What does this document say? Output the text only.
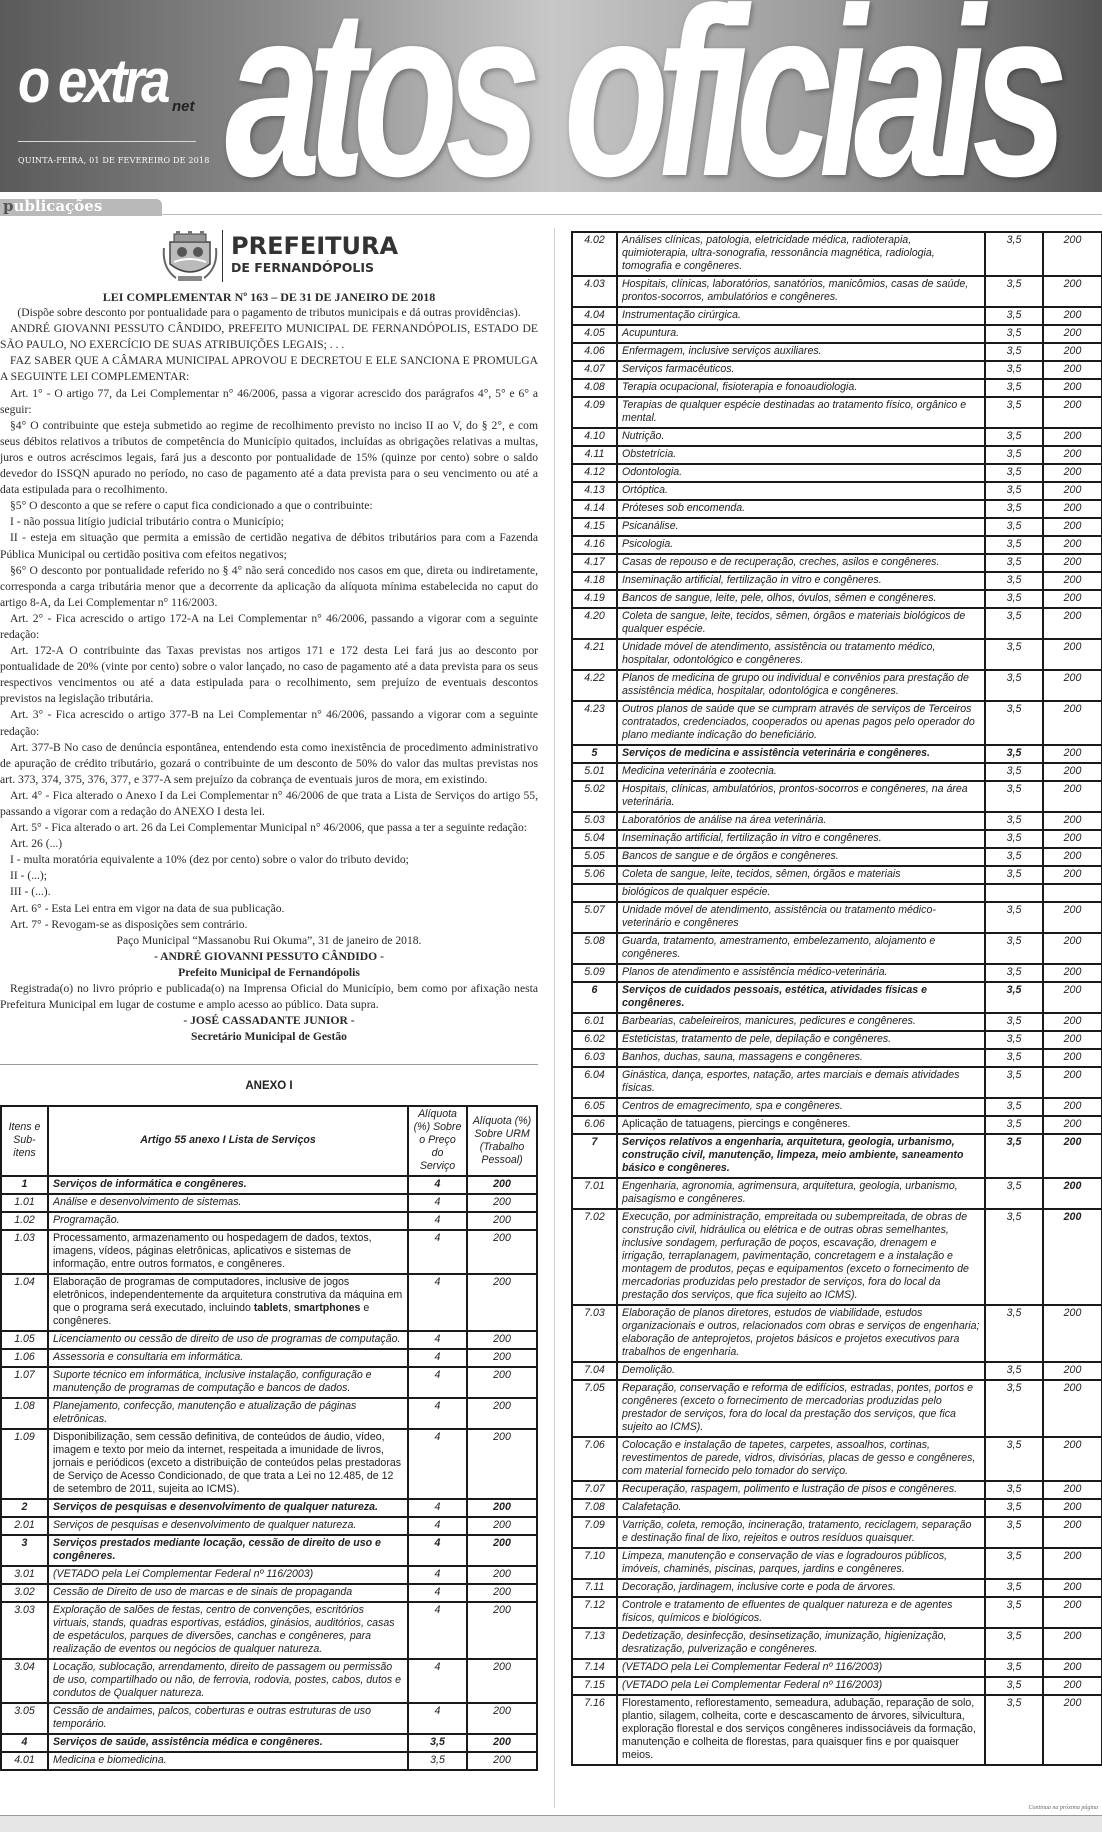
o extra net
QUINTA-FEIRA, 01 DE FEVEREIRO DE 2018 atos oficiais
publicações
PREFEITURA
DE FERNANDÓPOLIS

LEI COMPLEMENTAR Nº 163 – DE 31 DE JANEIRO DE 2018

(Dispõe sobre desconto por pontualidade para o pagamento de tributos municipais e dá outras providências).

ANDRÉ GIOVANNI PESSUTO CÂNDIDO, PREFEITO MUNICIPAL DE FERNANDÓPOLIS, ESTADO DE SÃO PAULO, NO EXERCÍCIO DE SUAS ATRIBUIÇÕES LEGAIS; . . .

FAZ SABER QUE A CÂMARA MUNICIPAL APROVOU E DECRETOU E ELE SANCIONA E PROMULGA A SEGUINTE LEI COMPLEMENTAR:

Art. 1° - O artigo 77, da Lei Complementar n° 46/2006, passa a vigorar acrescido dos parágrafos 4°, 5° e 6° a seguir:

§4° O contribuinte que esteja submetido ao regime de recolhimento previsto no inciso II ao V, do § 2°, e com seus débitos relativos a tributos de competência do Município quitados, incluídas as obrigações relativas a multas, juros e outros acréscimos legais, fará jus a desconto por pontualidade de 15% (quinze por cento) sobre o saldo devedor do ISSQN apurado no período, no caso de pagamento até a data prevista para o seu vencimento ou até a data estipulada para o recolhimento.

§5° O desconto a que se refere o caput fica condicionado a que o contribuinte:

I - não possua litígio judicial tributário contra o Município;

II - esteja em situação que permita a emissão de certidão negativa de débitos tributários para com a Fazenda Pública Municipal ou certidão positiva com efeitos negativos;

§6° O desconto por pontualidade referido no § 4° não será concedido nos casos em que, direta ou indiretamente, corresponda a carga tributária menor que a decorrente da aplicação da alíquota mínima estabelecida no caput do artigo 8-A, da Lei Complementar n° 116/2003.

Art. 2° - Fica acrescido o artigo 172-A na Lei Complementar n° 46/2006, passando a vigorar com a seguinte redação:

Art. 172-A O contribuinte das Taxas previstas nos artigos 171 e 172 desta Lei fará jus ao desconto por pontualidade de 20% (vinte por cento) sobre o valor lançado, no caso de pagamento até a data prevista para os seus respectivos vencimentos ou até a data estipulada para o recolhimento, sem prejuízo de eventuais descontos previstos na legislação tributária.

Art. 3° - Fica acrescido o artigo 377-B na Lei Complementar n° 46/2006, passando a vigorar com a seguinte redação:

Art. 377-B No caso de denúncia espontânea, entendendo esta como inexistência de procedimento administrativo de apuração de crédito tributário, gozará o contribuinte de um desconto de 50% do valor das multas previstas nos art. 373, 374, 375, 376, 377, e 377-A sem prejuízo da cobrança de eventuais juros de mora, em existindo.

Art. 4° - Fica alterado o Anexo I da Lei Complementar n° 46/2006 de que trata a Lista de Serviços do artigo 55, passando a vigorar com a redação do ANEXO I desta lei.

Art. 5° - Fica alterado o art. 26 da Lei Complementar Municipal n° 46/2006, que passa a ter a seguinte redação:

Art. 26 (...)

I - multa moratória equivalente a 10% (dez por cento) sobre o valor do tributo devido;

II - (...);

III - (...).

Art. 6° - Esta Lei entra em vigor na data de sua publicação.

Art. 7° - Revogam-se as disposições sem contrário.

Paço Municipal “Massanobu Rui Okuma”, 31 de janeiro de 2018.

- ANDRÉ GIOVANNI PESSUTO CÂNDIDO -

Prefeito Municipal de Fernandópolis

Registrada(o) no livro próprio e publicada(o) na Imprensa Oficial do Município, bem como por afixação nesta Prefeitura Municipal em lugar de costume e amplo acesso ao público. Data supra.

- JOSÉ CASSADANTE JUNIOR -

Secretário Municipal de Gestão

ANEXO I
Itens e Sub-itens	Artigo 55 anexo I Lista de Serviços	Alíquota (%) Sobre o Preço do Serviço	Alíquota (%) Sobre URM (Trabalho Pessoal)
1	Serviços de informática e congêneres.	4	200
1.01	Análise e desenvolvimento de sistemas.	4	200
1.02	Programação.	4	200
1.03	Processamento, armazenamento ou hospedagem de dados, textos, imagens, vídeos, páginas eletrônicas, aplicativos e sistemas de informação, entre outros formatos, e congêneres.	4	200
1.04	Elaboração de programas de computadores, inclusive de jogos eletrônicos, independentemente da arquitetura construtiva da máquina em que o programa será executado, incluindo tablets, smartphones e congêneres.	4	200
1.05	Licenciamento ou cessão de direito de uso de programas de computação.	4	200
1.06	Assessoria e consultaria em informática.	4	200
1.07	Suporte técnico em informática, inclusive instalação, configuração e manutenção de programas de computação e bancos de dados.	4	200
1.08	Planejamento, confecção, manutenção e atualização de páginas eletrônicas.	4	200
1.09	Disponibilização, sem cessão definitiva, de conteúdos de áudio, vídeo, imagem e texto por meio da internet, respeitada a imunidade de livros, jornais e periódicos (exceto a distribuição de conteúdos pelas prestadoras de Serviço de Acesso Condicionado, de que trata a Lei no 12.485, de 12 de setembro de 2011, sujeita ao ICMS).	4	200
2	Serviços de pesquisas e desenvolvimento de qualquer natureza.	4	200
2.01	Serviços de pesquisas e desenvolvimento de qualquer natureza.	4	200
3	Serviços prestados mediante locação, cessão de direito de uso e congêneres.	4	200
3.01	(VETADO pela Lei Complementar Federal nº 116/2003)	4	200
3.02	Cessão de Direito de uso de marcas e de sinais de propaganda	4	200
3.03	Exploração de salões de festas, centro de convenções, escritórios virtuais, stands, quadras esportivas, estádios, ginásios, auditórios, casas de espetáculos, parques de diversões, canchas e congêneres, para realização de eventos ou negócios de qualquer natureza.	4	200
3.04	Locação, sublocação, arrendamento, direito de passagem ou permissão de uso, compartilhado ou não, de ferrovia, rodovia, postes, cabos, dutos e condutos de Qualquer natureza.	4	200
3.05	Cessão de andaimes, palcos, coberturas e outras estruturas de uso temporário.	4	200
4	Serviços de saúde, assistência médica e congêneres.	3,5	200
4.01	Medicina e biomedicina.	3,5	200
4.02	Análises clínicas, patologia, eletricidade médica, radioterapia, quimioterapia, ultra-sonografia, ressonância magnética, radiologia, tomografia e congêneres.	3,5	200
4.03	Hospitais, clínicas, laboratórios, sanatórios, manicômios, casas de saúde, prontos-socorros, ambulatórios e congêneres.	3,5	200
4.04	Instrumentação cirúrgica.	3,5	200
4.05	Acupuntura.	3,5	200
4.06	Enfermagem, inclusive serviços auxiliares.	3,5	200
4.07	Serviços farmacêuticos.	3,5	200
4.08	Terapia ocupacional, fisioterapia e fonoaudiologia.	3,5	200
4.09	Terapias de qualquer espécie destinadas ao tratamento físico, orgânico e mental.	3,5	200
4.10	Nutrição.	3,5	200
4.11	Obstetrícia.	3,5	200
4.12	Odontologia.	3,5	200
4.13	Ortóptica.	3,5	200
4.14	Próteses sob encomenda.	3,5	200
4.15	Psicanálise.	3,5	200
4.16	Psicologia.	3,5	200
4.17	Casas de repouso e de recuperação, creches, asilos e congêneres.	3,5	200
4.18	Inseminação artificial, fertilização in vitro e congêneres.	3,5	200
4.19	Bancos de sangue, leite, pele, olhos, óvulos, sêmen e congêneres.	3,5	200
4.20	Coleta de sangue, leite, tecidos, sêmen, órgãos e materiais biológicos de qualquer espécie.	3,5	200
4.21	Unidade móvel de atendimento, assistência ou tratamento médico, hospitalar, odontológico e congêneres.	3,5	200
4.22	Planos de medicina de grupo ou individual e convênios para prestação de assistência médica, hospitalar, odontológica e congêneres.	3,5	200
4.23	Outros planos de saúde que se cumpram através de serviços de Terceiros contratados, credenciados, cooperados ou apenas pagos pelo operador do plano mediante indicação do beneficiário.	3,5	200
5	Serviços de medicina e assistência veterinária e congêneres.	3,5	200
5.01	Medicina veterinária e zootecnia.	3,5	200
5.02	Hospitais, clínicas, ambulatórios, prontos-socorros e congêneres, na área veterinária.	3,5	200
5.03	Laboratórios de análise na área veterinária.	3,5	200
5.04	Inseminação artificial, fertilização in vitro e congêneres.	3,5	200
5.05	Bancos de sangue e de órgãos e congêneres.	3,5	200
5.06	Coleta de sangue, leite, tecidos, sêmen, órgãos e materiais	3,5	200
	biológicos de qualquer espécie.		
5.07	Unidade móvel de atendimento, assistência ou tratamento médico-veterinário e congêneres	3,5	200
5.08	Guarda, tratamento, amestramento, embelezamento, alojamento e congêneres.	3,5	200
5.09	Planos de atendimento e assistência médico-veterinária.	3,5	200
6	Serviços de cuidados pessoais, estética, atividades físicas e congêneres.	3,5	200
6.01	Barbearias, cabeleireiros, manicures, pedicures e congêneres.	3,5	200
6.02	Esteticistas, tratamento de pele, depilação e congêneres.	3,5	200
6.03	Banhos, duchas, sauna, massagens e congêneres.	3,5	200
6.04	Ginástica, dança, esportes, natação, artes marciais e demais atividades físicas.	3,5	200
6.05	Centros de emagrecimento, spa e congêneres.	3,5	200
6.06	Aplicação de tatuagens, piercings e congêneres.	3,5	200
7	Serviços relativos a engenharia, arquitetura, geologia, urbanismo, construção civil, manutenção, limpeza, meio ambiente, saneamento básico e congêneres.	3,5	200
7.01	Engenharia, agronomia, agrimensura, arquitetura, geologia, urbanismo, paisagismo e congêneres.	3,5	200
7.02	Execução, por administração, empreitada ou subempreitada, de obras de construção civil, hidráulica ou elétrica e de outras obras semelhantes, inclusive sondagem, perfuração de poços, escavação, drenagem e irrigação, terraplanagem, pavimentação, concretagem e a instalação e montagem de produtos, peças e equipamentos (exceto o fornecimento de mercadorias produzidas pelo prestador de serviços, fora do local da prestação dos serviços, que fica sujeito ao ICMS).	3,5	200
7.03	Elaboração de planos diretores, estudos de viabilidade, estudos organizacionais e outros, relacionados com obras e serviços de engenharia; elaboração de anteprojetos, projetos básicos e projetos executivos para trabalhos de engenharia.	3,5	200
7.04	Demolição.	3,5	200
7.05	Reparação, conservação e reforma de edifícios, estradas, pontes, portos e congêneres (exceto o fornecimento de mercadorias produzidas pelo prestador de serviços, fora do local da prestação dos serviços, que fica sujeito ao ICMS).	3,5	200
7.06	Colocação e instalação de tapetes, carpetes, assoalhos, cortinas, revestimentos de parede, vidros, divisórias, placas de gesso e congêneres, com material fornecido pelo tomador do serviço.	3,5	200
7.07	Recuperação, raspagem, polimento e lustração de pisos e congêneres.	3,5	200
7.08	Calafetação.	3,5	200
7.09	Varrição, coleta, remoção, incineração, tratamento, reciclagem, separação e destinação final de lixo, rejeitos e outros resíduos quaisquer.	3,5	200
7.10	Limpeza, manutenção e conservação de vias e logradouros públicos, imóveis, chaminés, piscinas, parques, jardins e congêneres.	3,5	200
7.11	Decoração, jardinagem, inclusive corte e poda de árvores.	3,5	200
7.12	Controle e tratamento de efluentes de qualquer natureza e de agentes físicos, químicos e biológicos.	3,5	200
7.13	Dedetização, desinfecção, desinsetização, imunização, higienização, desratização, pulverização e congêneres.	3,5	200
7.14	(VETADO pela Lei Complementar Federal nº 116/2003)	3,5	200
7.15	(VETADO pela Lei Complementar Federal nº 116/2003)	3,5	200
7.16	Florestamento, reflorestamento, semeadura, adubação, reparação de solo, plantio, silagem, colheita, corte e descascamento de árvores, silvicultura, exploração florestal e dos serviços congêneres indissociáveis da formação, manutenção e colheita de florestas, para quaisquer fins e por quaisquer meios.	3,5	200
Continua na próxima página
